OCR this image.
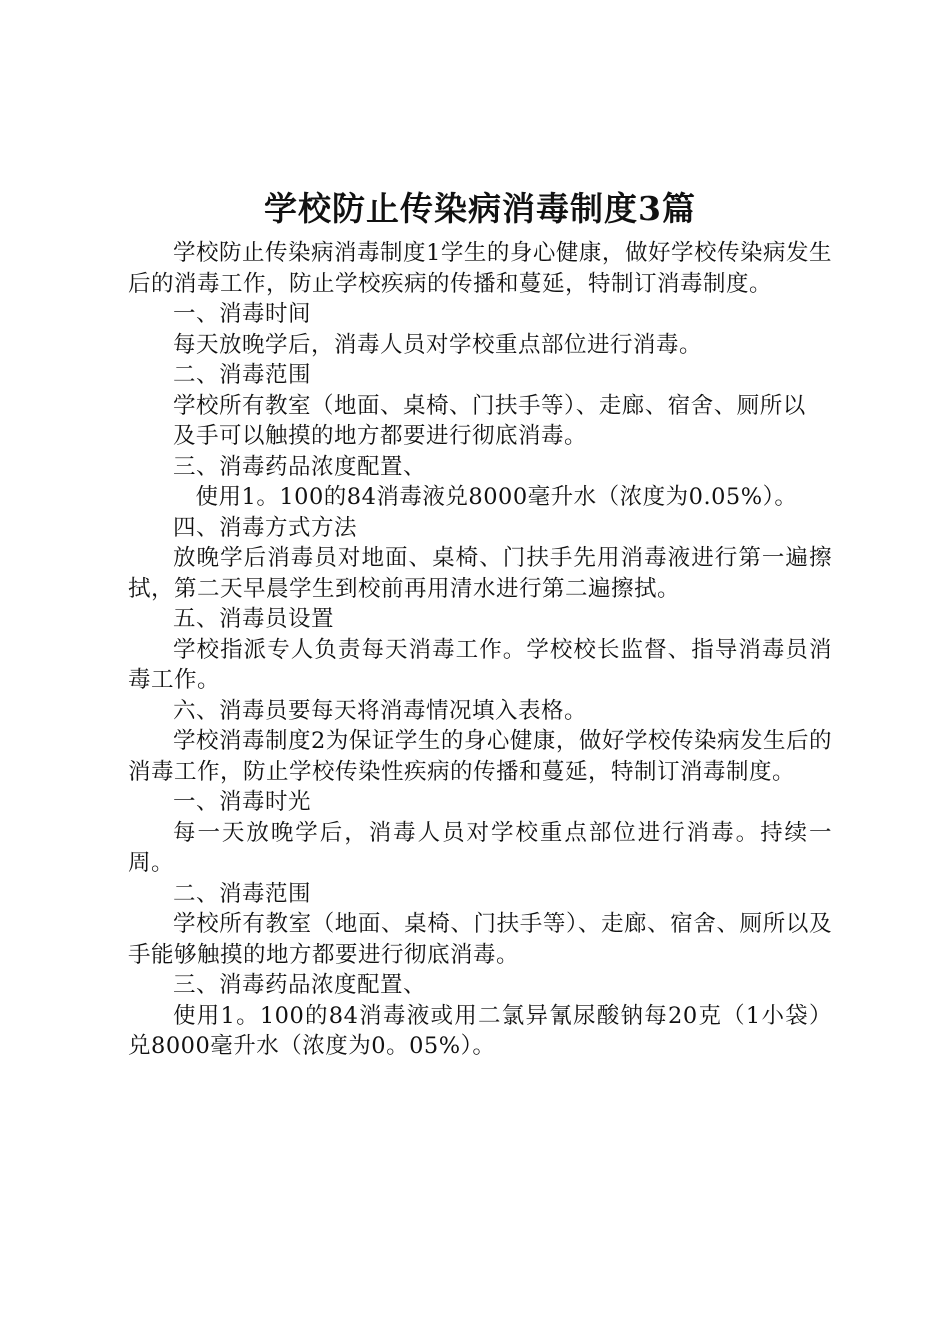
学校防止传染病消毒制度3篇

学校防止传染病消毒制度1学生的身心健康，做好学校传染病发生后的消毒工作，防止学校疾病的传播和蔓延，特制订消毒制度。

一、消毒时间

每天放晚学后，消毒人员对学校重点部位进行消毒。

二、消毒范围

学校所有教室（地面、桌椅、门扶手等）、走廊、宿舍、厕所以

及手可以触摸的地方都要进行彻底消毒。

三、消毒药品浓度配置、

使用1。100的84消毒液兑8000毫升水（浓度为0.05%）。

四、消毒方式方法

放晚学后消毒员对地面、桌椅、门扶手先用消毒液进行第一遍擦拭，第二天早晨学生到校前再用清水进行第二遍擦拭。

五、消毒员设置

学校指派专人负责每天消毒工作。学校校长监督、指导消毒员消毒工作。

六、消毒员要每天将消毒情况填入表格。

学校消毒制度2为保证学生的身心健康，做好学校传染病发生后的消毒工作，防止学校传染性疾病的传播和蔓延，特制订消毒制度。

一、消毒时光

每一天放晚学后，消毒人员对学校重点部位进行消毒。持续一周。

二、消毒范围

学校所有教室（地面、桌椅、门扶手等）、走廊、宿舍、厕所以及手能够触摸的地方都要进行彻底消毒。

三、消毒药品浓度配置、

使用1。100的84消毒液或用二氯异氰尿酸钠每20克（1小袋）兑8000毫升水（浓度为0。05%）。
